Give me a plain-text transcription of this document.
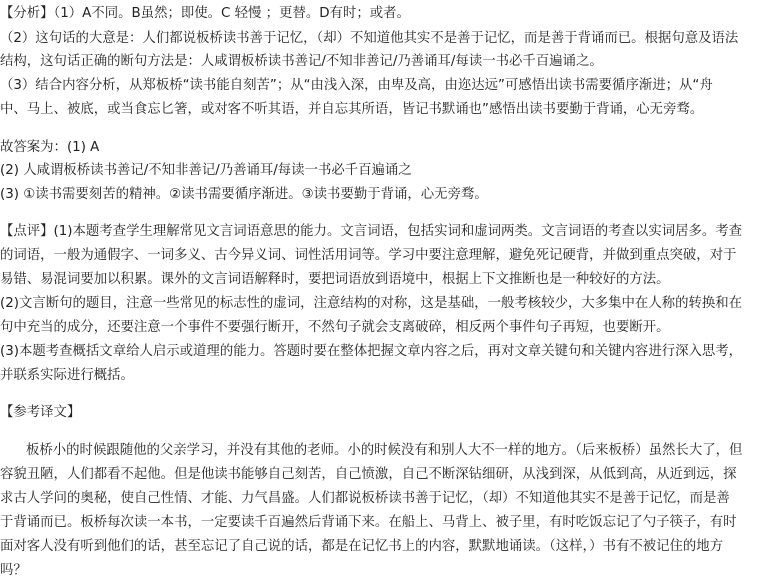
【分析】（1）A不同。B虽然；即使。C 轻慢 ；更替。D有时；或者。
（2）这句话的大意是：人们都说板桥读书善于记忆，（却）不知道他其实不是善于记忆，而是善于背诵而已。根据句意及语法
结构，这句话正确的断句方法是：人咸谓板桥读书善记/不知非善记/乃善诵耳/每读一书必千百遍诵之。
（3）结合内容分析，从郑板桥“读书能自刻苦”；从“由浅入深，由卑及高，由迩达远”可感悟出读书需要循序渐进；从“舟
中、马上、被底，或当食忘匕箸，或对客不听其语，并自忘其所语，皆记书默诵也”感悟出读书要勤于背诵，心无旁骛。
故答案为：(1) A
(2) 人咸谓板桥读书善记/不知非善记/乃善诵耳/每读一书必千百遍诵之
(3) ①读书需要刻苦的精神。②读书需要循序渐进。③读书要勤于背诵，心无旁骛。
【点评】(1)本题考查学生理解常见文言词语意思的能力。文言词语，包括实词和虚词两类。文言词语的考查以实词居多。考查
的词语，一般为通假字、一词多义、古今异义词、词性活用词等。学习中要注意理解，避免死记硬背，并做到重点突破，对于
易错、易混词要加以积累。课外的文言词语解释时，要把词语放到语境中，根据上下文推断也是一种较好的方法。
(2)文言断句的题目，注意一些常见的标志性的虚词，注意结构的对称，这是基础，一般考核较少，大多集中在人称的转换和在
句中充当的成分，还要注意一个事件不要强行断开，不然句子就会支离破碎，相反两个事件句子再短，也要断开。
(3)本题考查概括文章给人启示或道理的能力。答题时要在整体把握文章内容之后，再对文章关键句和关键内容进行深入思考，
并联系实际进行概括。
【参考译文】
板桥小的时候跟随他的父亲学习，并没有其他的老师。小的时候没有和别人大不一样的地方。（后来板桥）虽然长大了，但
容貌丑陋，人们都看不起他。但是他读书能够自己刻苦，自己愤激，自己不断深钻细研，从浅到深，从低到高，从近到远，探
求古人学问的奥秘，使自己性情、才能、力气昌盛。人们都说板桥读书善于记忆，（却）不知道他其实不是善于记忆，而是善
于背诵而已。板桥每次读一本书，一定要读千百遍然后背诵下来。在船上、马背上、被子里，有时吃饭忘记了勺子筷子，有时
面对客人没有听到他们的话，甚至忘记了自己说的话，都是在记忆书上的内容，默默地诵读。（这样，）书有不被记住的地方
吗？
